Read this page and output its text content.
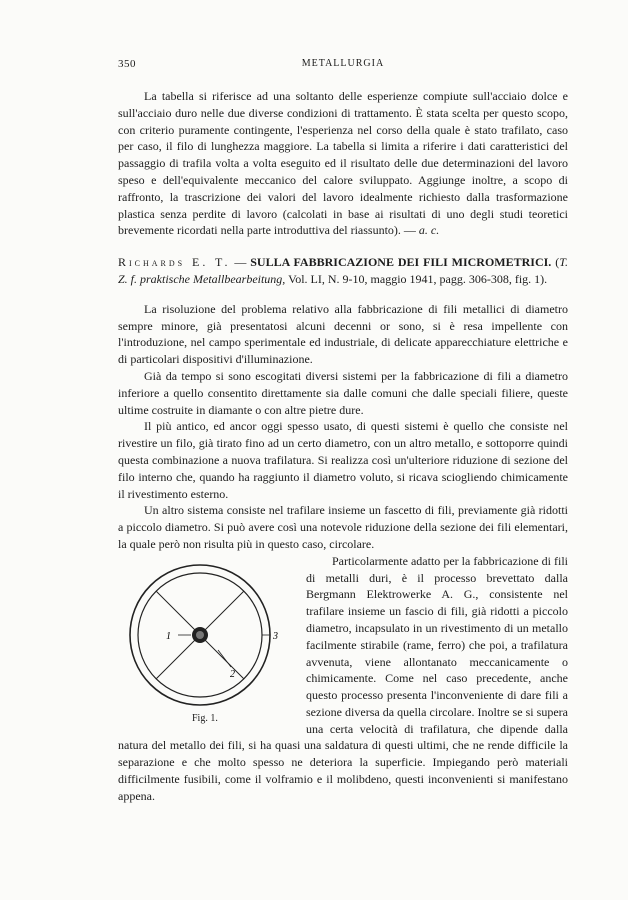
350	METALLURGIA

La tabella si riferisce ad una soltanto delle esperienze compiute sull'acciaio dolce e sull'acciaio duro nelle due diverse condizioni di trattamento. È stata scelta per questo scopo, con criterio puramente contingente, l'esperienza nel corso della quale è stato trafilato, caso per caso, il filo di lunghezza maggiore. La tabella si limita a riferire i dati caratteristici del passaggio di trafila volta a volta eseguito ed il risultato delle due determinazioni del lavoro speso e dell'equivalente meccanico del calore sviluppato. Aggiunge inoltre, a scopo di raffronto, la trascrizione dei valori del lavoro idealmente richiesto dalla trasformazione plastica senza perdite di lavoro (calcolati in base ai risultati di uno degli studi teoretici brevemente ricordati nella parte introduttiva del riassunto). — a. c.

Richards E. T. — SULLA FABBRICAZIONE DEI FILI MICROMETRICI. (T. Z. f. praktische Metallbearbeitung, Vol. LI, N. 9-10, maggio 1941, pagg. 306-308, fig. 1).

La risoluzione del problema relativo alla fabbricazione di fili metallici di diametro sempre minore, già presentatosi alcuni decenni or sono, si è resa impellente con l'introduzione, nel campo sperimentale ed industriale, di delicate apparecchiature elettriche e di particolari dispositivi d'illuminazione.

Già da tempo si sono escogitati diversi sistemi per la fabbricazione di fili a diametro inferiore a quello consentito direttamente sia dalle comuni che dalle speciali filiere, queste ultime costruite in diamante o con altre pietre dure.

Il più antico, ed ancor oggi spesso usato, di questi sistemi è quello che consiste nel rivestire un filo, già tirato fino ad un certo diametro, con un altro metallo, e sottoporre quindi questa combinazione a nuova trafilatura. Si realizza così un'ulteriore riduzione di sezione del filo interno che, quando ha raggiunto il diametro voluto, si ricava sciogliendo chimicamente il rivestimento esterno.

Un altro sistema consiste nel trafilare insieme un fascetto di fili, previamente già ridotti a piccolo diametro. Si può avere così una notevole riduzione della sezione dei fili elementari, la quale però non risulta più in questo caso, circolare.

1	3
2
Fig. 1.

Particolarmente adatto per la fabbricazione di fili di metalli duri, è il processo brevettato dalla Bergmann Elektrowerke A. G., consistente nel trafilare insieme un fascio di fili, già ridotti a piccolo diametro, incapsulato in un rivestimento di un metallo facilmente stirabile (rame, ferro) che poi, a trafilatura avvenuta, viene allontanato meccanicamente o chimicamente. Come nel caso precedente, anche questo processo presenta l'inconveniente di dare fili a sezione diversa da quella circolare. Inoltre se si supera una certa velocità di trafilatura, che dipende dalla natura del metallo dei fili, si ha quasi una saldatura di questi ultimi, che ne rende difficile la separazione e che molto spesso ne deteriora la superficie. Impiegando però materiali difficilmente fusibili, come il volframio e il molibdeno, questi inconvenienti si manifestano appena.
